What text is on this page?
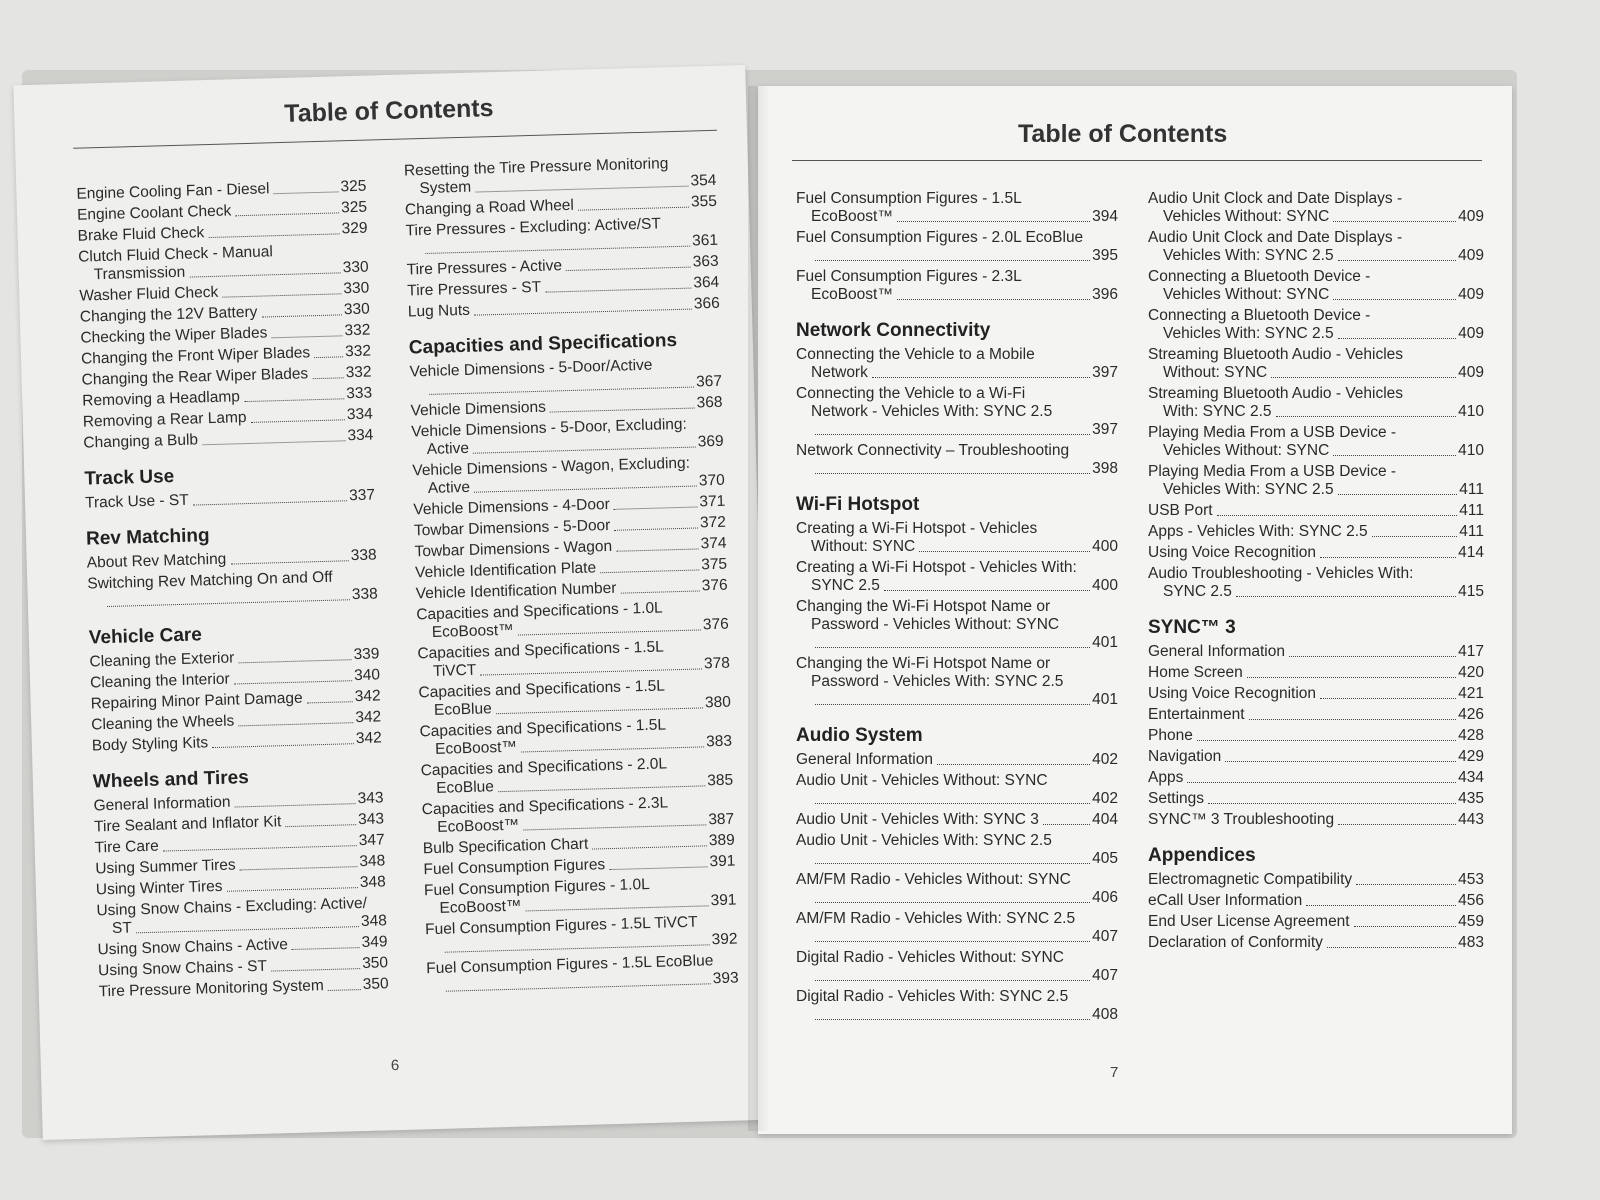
Table of Contents
Engine Cooling Fan - Diesel	325
Engine Coolant Check	325
Brake Fluid Check	329
Clutch Fluid Check - Manual
Transmission	330
Washer Fluid Check	330
Changing the 12V Battery	330
Checking the Wiper Blades	332
Changing the Front Wiper Blades 332
Changing the Rear Wiper Blades 332
Removing a Headlamp	333
Removing a Rear Lamp	334
Changing a Bulb	334
Track Use
Track Use - ST	337
Rev Matching
About Rev Matching	338
Switching Rev Matching On and Off
338
Vehicle Care
Cleaning the Exterior	339
Cleaning the Interior	340
Repairing Minor Paint Damage	342
Cleaning the Wheels	342
Body Styling Kits	342
Wheels and Tires
General Information	343
Tire Sealant and Inflator Kit	343
Tire Care	347
Using Summer Tires	348
Using Winter Tires	348
Using Snow Chains - Excluding: Active/
ST	348
Using Snow Chains - Active	349
Using Snow Chains - ST	350
Tire Pressure Monitoring System 350
Resetting the Tire Pressure Monitoring
System	354
Changing a Road Wheel	355
Tire Pressures - Excluding: Active/ST
361
Tire Pressures - Active	363
Tire Pressures - ST	364
Lug Nuts	366
Capacities and Specifications
Vehicle Dimensions - 5-Door/Active
367
Vehicle Dimensions	368
Vehicle Dimensions - 5-Door, Excluding:
Active	369
Vehicle Dimensions - Wagon, Excluding:
Active	370
Vehicle Dimensions - 4-Door	371
Towbar Dimensions - 5-Door	372
Towbar Dimensions - Wagon	374
Vehicle Identification Plate	375
Vehicle Identification Number	376
Capacities and Specifications - 1.0L
EcoBoost™	376
Capacities and Specifications - 1.5L
TiVCT	378
Capacities and Specifications - 1.5L
EcoBlue	380
Capacities and Specifications - 1.5L
EcoBoost™	383
Capacities and Specifications - 2.0L
EcoBlue	385
Capacities and Specifications - 2.3L
EcoBoost™	387
Bulb Specification Chart	389
Fuel Consumption Figures	391
Fuel Consumption Figures - 1.0L
EcoBoost™	391
Fuel Consumption Figures - 1.5L TiVCT
392
Fuel Consumption Figures - 1.5L EcoBlue
393
6
Table of Contents
Fuel Consumption Figures - 1.5L
EcoBoost™	394
Fuel Consumption Figures - 2.0L EcoBlue
395
Fuel Consumption Figures - 2.3L
EcoBoost™	396
Network Connectivity
Connecting the Vehicle to a Mobile
Network	397
Connecting the Vehicle to a Wi-Fi
Network - Vehicles With: SYNC 2.5
397
Network Connectivity – Troubleshooting
398
Wi-Fi Hotspot
Creating a Wi-Fi Hotspot - Vehicles
Without: SYNC	400
Creating a Wi-Fi Hotspot - Vehicles With:
SYNC 2.5	400
Changing the Wi-Fi Hotspot Name or
Password - Vehicles Without: SYNC
401
Changing the Wi-Fi Hotspot Name or
Password - Vehicles With: SYNC 2.5
401
Audio System
General Information	402
Audio Unit - Vehicles Without: SYNC
402
Audio Unit - Vehicles With: SYNC 3	404
Audio Unit - Vehicles With: SYNC 2.5
405
AM/FM Radio - Vehicles Without: SYNC
406
AM/FM Radio - Vehicles With: SYNC 2.5
407
Digital Radio - Vehicles Without: SYNC
407
Digital Radio - Vehicles With: SYNC 2.5
408
Audio Unit Clock and Date Displays -
Vehicles Without: SYNC	409
Audio Unit Clock and Date Displays -
Vehicles With: SYNC 2.5	409
Connecting a Bluetooth Device -
Vehicles Without: SYNC	409
Connecting a Bluetooth Device -
Vehicles With: SYNC 2.5	409
Streaming Bluetooth Audio - Vehicles
Without: SYNC	409
Streaming Bluetooth Audio - Vehicles
With: SYNC 2.5	410
Playing Media From a USB Device -
Vehicles Without: SYNC	410
Playing Media From a USB Device -
Vehicles With: SYNC 2.5	411
USB Port	411
Apps - Vehicles With: SYNC 2.5	411
Using Voice Recognition	414
Audio Troubleshooting - Vehicles With:
SYNC 2.5	415
SYNC™ 3
General Information	417
Home Screen	420
Using Voice Recognition	421
Entertainment	426
Phone	428
Navigation	429
Apps	434
Settings	435
SYNC™ 3 Troubleshooting	443
Appendices
Electromagnetic Compatibility	453
eCall User Information	456
End User License Agreement	459
Declaration of Conformity	483
7
